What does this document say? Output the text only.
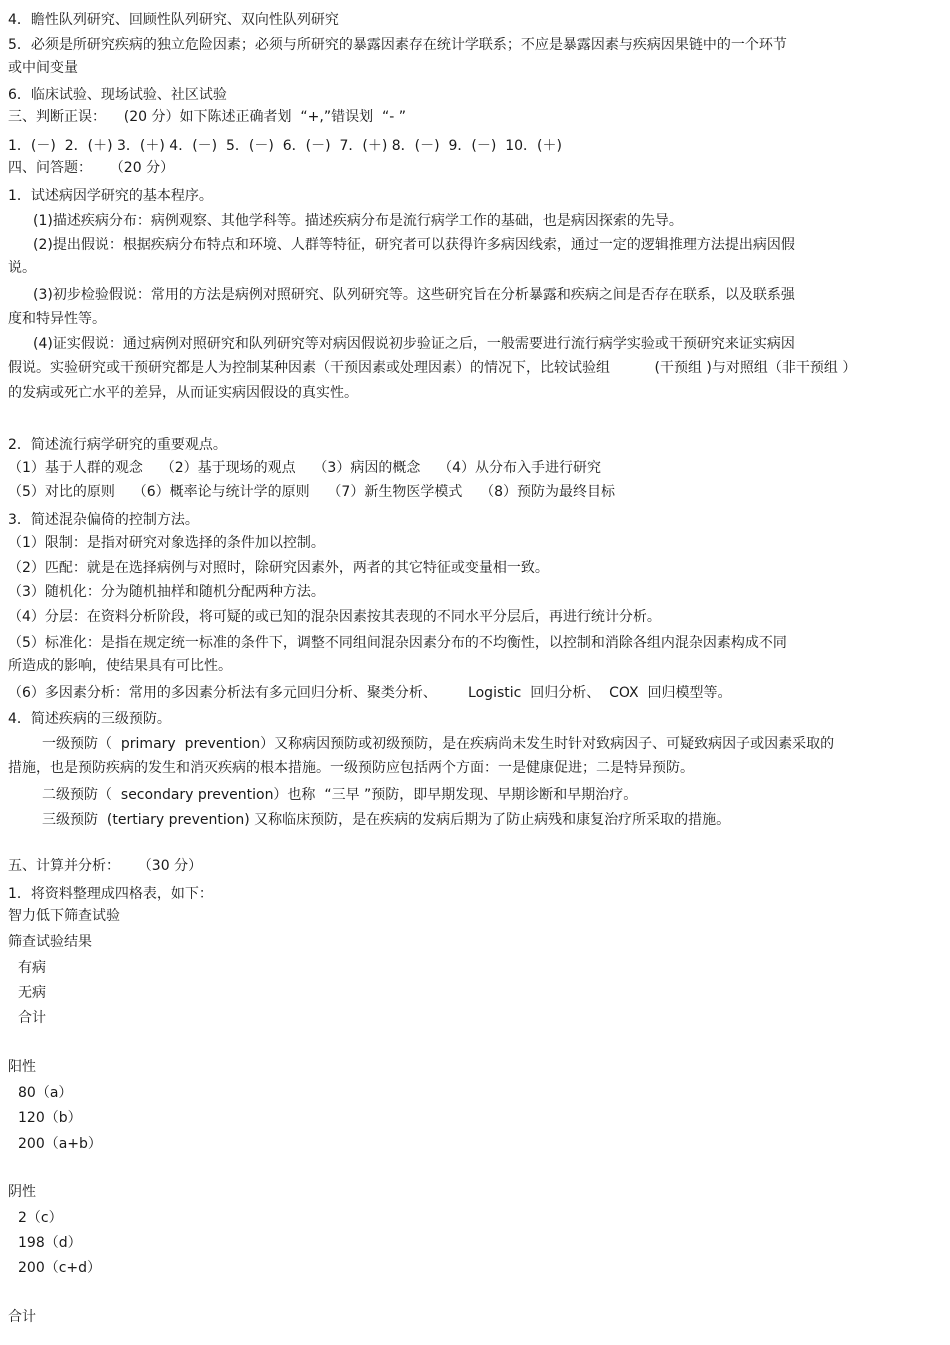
4．瞻性队列研究、回顾性队列研究、双向性队列研究
5．必须是所研究疾病的独立危险因素；必须与所研究的暴露因素存在统计学联系；不应是暴露因素与疾病因果链中的一个环节
或中间变量
6．临床试验、现场试验、社区试验
三、判断正误：    (20 分）如下陈述正确者划  “+,”错误划  “- ”
1．(－)  2．(＋) 3．(＋) 4．(－)  5．(－)  6．(－)  7．(＋) 8．(－)  9．(－)  10．(＋)
四、问答题：    （20 分）
1．试述病因学研究的基本程序。
(1)描述疾病分布：病例观察、其他学科等。描述疾病分布是流行病学工作的基础，也是病因探索的先导。
(2)提出假说：根据疾病分布特点和环境、人群等特征，研究者可以获得许多病因线索，通过一定的逻辑推理方法提出病因假
说。
(3)初步检验假说：常用的方法是病例对照研究、队列研究等。这些研究旨在分析暴露和疾病之间是否存在联系，以及联系强
度和特异性等。
(4)证实假说：通过病例对照研究和队列研究等对病因假说初步验证之后，一般需要进行流行病学实验或干预研究来证实病因
假说。实验研究或干预研究都是人为控制某种因素（干预因素或处理因素）的情况下，比较试验组          (干预组 )与对照组（非干预组 ）
的发病或死亡水平的差异，从而证实病因假设的真实性。
2．简述流行病学研究的重要观点。
（1）基于人群的观念    （2）基于现场的观点    （3）病因的概念    （4）从分布入手进行研究
（5）对比的原则    （6）概率论与统计学的原则    （7）新生物医学模式    （8）预防为最终目标
3．简述混杂偏倚的控制方法。
（1）限制：是指对研究对象选择的条件加以控制。
（2）匹配：就是在选择病例与对照时，除研究因素外，两者的其它特征或变量相一致。
（3）随机化：分为随机抽样和随机分配两种方法。
（4）分层：在资料分析阶段，将可疑的或已知的混杂因素按其表现的不同水平分层后，再进行统计分析。
（5）标准化：是指在规定统一标准的条件下，调整不同组间混杂因素分布的不均衡性，以控制和消除各组内混杂因素构成不同
所造成的影响，使结果具有可比性。
（6）多因素分析：常用的多因素分析法有多元回归分析、聚类分析、       Logistic  回归分析、  COX  回归模型等。
4．简述疾病的三级预防。
一级预防（  primary  prevention）又称病因预防或初级预防，是在疾病尚未发生时针对致病因子、可疑致病因子或因素采取的
措施，也是预防疾病的发生和消灭疾病的根本措施。一级预防应包括两个方面：一是健康促进；二是特异预防。
二级预防（  secondary prevention）也称  “三早 ”预防，即早期发现、早期诊断和早期治疗。
三级预防  (tertiary prevention) 又称临床预防，是在疾病的发病后期为了防止病残和康复治疗所采取的措施。
五、计算并分析：    （30 分）
1．将资料整理成四格表，如下：
智力低下筛查试验
筛查试验结果
有病
无病
合计
阳性
80（a）
120（b）
200（a+b）
阴性
2（c）
198（d）
200（c+d）
合计
